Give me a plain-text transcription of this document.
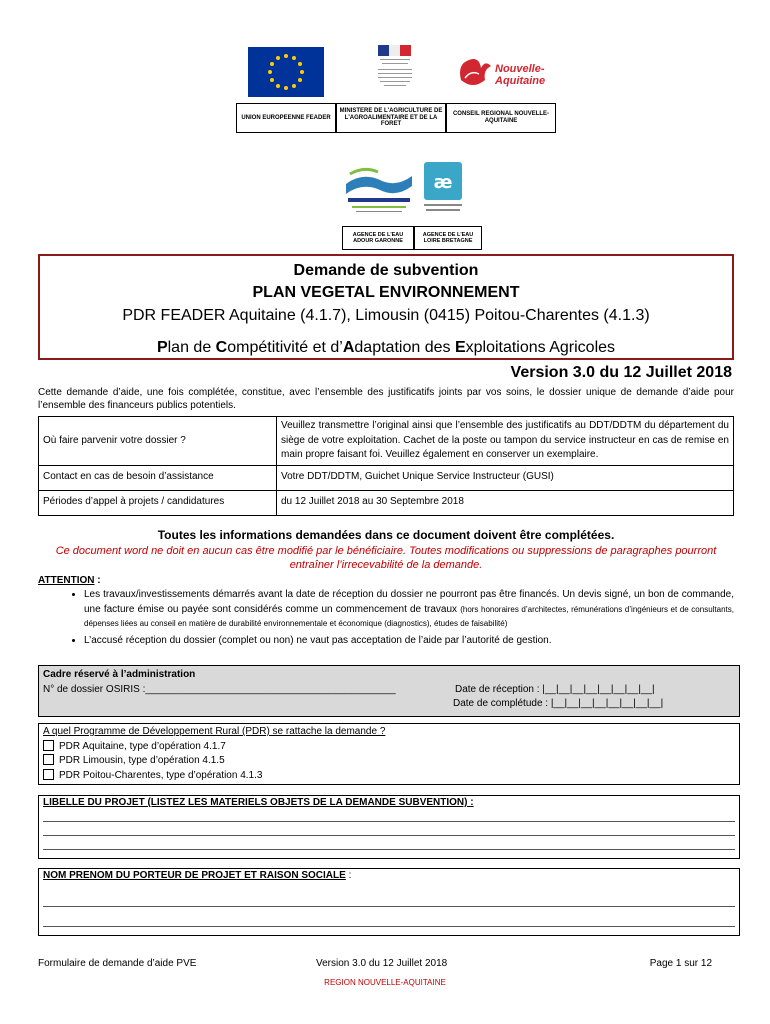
Nouvelle-Aquitaine
UNION EUROPEENNE FEADER
MINISTERE DE L'AGRICULTURE DE L'AGROALIMENTAIRE ET DE LA FORET
CONSEIL REGIONAL NOUVELLE-AQUITAINE
æ
AGENCE DE L'EAU ADOUR GARONNE
AGENCE DE L'EAU LOIRE BRETAGNE
Demande de subvention
PLAN VEGETAL ENVIRONNEMENT
PDR FEADER Aquitaine (4.1.7), Limousin (0415) Poitou-Charentes (4.1.3)
Plan de Compétitivité et d’Adaptation des Exploitations Agricoles
Version 3.0 du 12 Juillet 2018
Cette demande d’aide, une fois complétée, constitue, avec l’ensemble des justificatifs joints par vos soins, le dossier unique de demande d’aide pour l’ensemble des financeurs publics potentiels.
Où faire parvenir votre dossier ?	Veuillez transmettre l’original ainsi que l’ensemble des justificatifs au DDT/DDTM du département du siège de votre exploitation. Cachet de la poste ou tampon du service instructeur en cas de remise en main propre faisant foi. Veuillez également en conserver un exemplaire.
Contact en cas de besoin d’assistance	Votre DDT/DDTM, Guichet Unique Service Instructeur (GUSI)
Périodes d’appel à projets / candidatures	du 12 Juillet 2018 au 30 Septembre 2018
Toutes les informations demandées dans ce document doivent être complétées.
Ce document word ne doit en aucun cas être modifié par le bénéficiaire. Toutes modifications ou suppressions de paragraphes pourront entraîner l’irrecevabilité de la demande.
ATTENTION :
• Les travaux/investissements démarrés avant la date de réception du dossier ne pourront pas être financés. Un devis signé, un bon de commande, une facture émise ou payée sont considérés comme un commencement de travaux (hors honoraires d’architectes, rémunérations d’ingénieurs et de consultants, dépenses liées au conseil en matière de durabilité environnementale et économique (diagnostics), études de faisabilité)
• L’accusé réception du dossier (complet ou non) ne vaut pas acceptation de l’aide par l’autorité de gestion.
Cadre réservé à l’administration
N° de dossier OSIRIS :_____________________________________________	Date de réception : |__|__|__|__|__|__|__|__|
Date de complétude : |__|__|__|__|__|__|__|__|
A quel Programme de Développement Rural (PDR) se rattache la demande ?
PDR Aquitaine, type d’opération 4.1.7
PDR Limousin, type d’opération 4.1.5
PDR Poitou-Charentes, type d’opération 4.1.3
LIBELLE DU PROJET (LISTEZ LES MATERIELS OBJETS DE LA DEMANDE SUBVENTION) :
NOM PRENOM DU PORTEUR DE PROJET ET RAISON SOCIALE :
Formulaire de demande d’aide PVE	Version 3.0 du 12 Juillet 2018	Page 1 sur 12
REGION NOUVELLE-AQUITAINE
